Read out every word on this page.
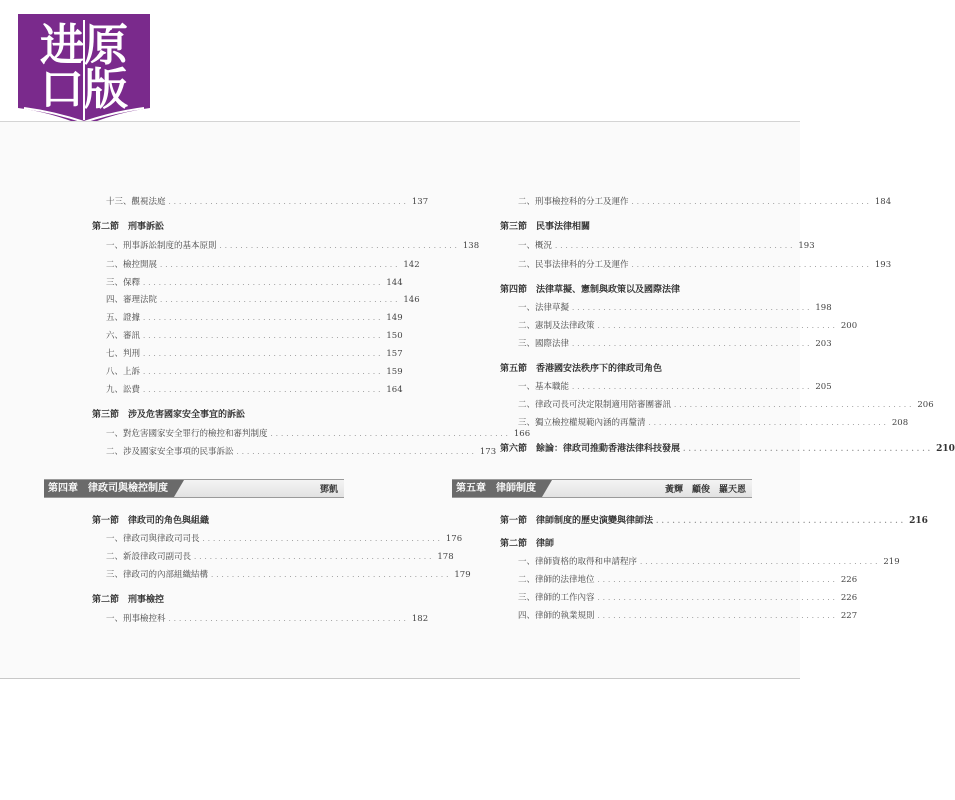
进原
口版
十三、觀視法庭 .............................................. 137
第二節　刑事訴訟
一、刑事訴訟制度的基本原則 .............................................. 138
二、檢控開展 .............................................. 142
三、保釋 .............................................. 144
四、審理法院 .............................................. 146
五、證據 .............................................. 149
六、審訊 .............................................. 150
七、判刑 .............................................. 157
八、上訴 .............................................. 159
九、訟費 .............................................. 164
第三節　涉及危害國家安全事宜的訴訟
一、對危害國家安全罪行的檢控和審判制度 .............................................. 166
二、涉及國家安全事項的民事訴訟 .............................................. 173
第四章　律政司與檢控制度	鄧凱
第一節　律政司的角色與組織
一、律政司與律政司司長 .............................................. 176
二、新設律政司副司長 .............................................. 178
三、律政司的內部組織結構 .............................................. 179
第二節　刑事檢控
一、刑事檢控科 .............................................. 182
二、刑事檢控科的分工及運作 .............................................. 184
第三節　民事法律相關
一、概況 .............................................. 193
二、民事法律科的分工及運作 .............................................. 193
第四節　法律草擬、憲制與政策以及國際法律
一、法律草擬 .............................................. 198
二、憲制及法律政策 .............................................. 200
三、國際法律 .............................................. 203
第五節　香港國安法秩序下的律政司角色
一、基本職能 .............................................. 205
二、律政司長可決定限制適用陪審團審訊 .............................................. 206
三、獨立檢控權規範內涵的再釐清 .............................................. 208
第六節　餘論：律政司推動香港法律科技發展 .............................................. 210
第五章　律師制度	黃輝　顧俊　羅天恩
第一節　律師制度的歷史演變與律師法 .............................................. 216
第二節　律師
一、律師資格的取得和申請程序 .............................................. 219
二、律師的法律地位 .............................................. 226
三、律師的工作內容 .............................................. 226
四、律師的執業規則 .............................................. 227
